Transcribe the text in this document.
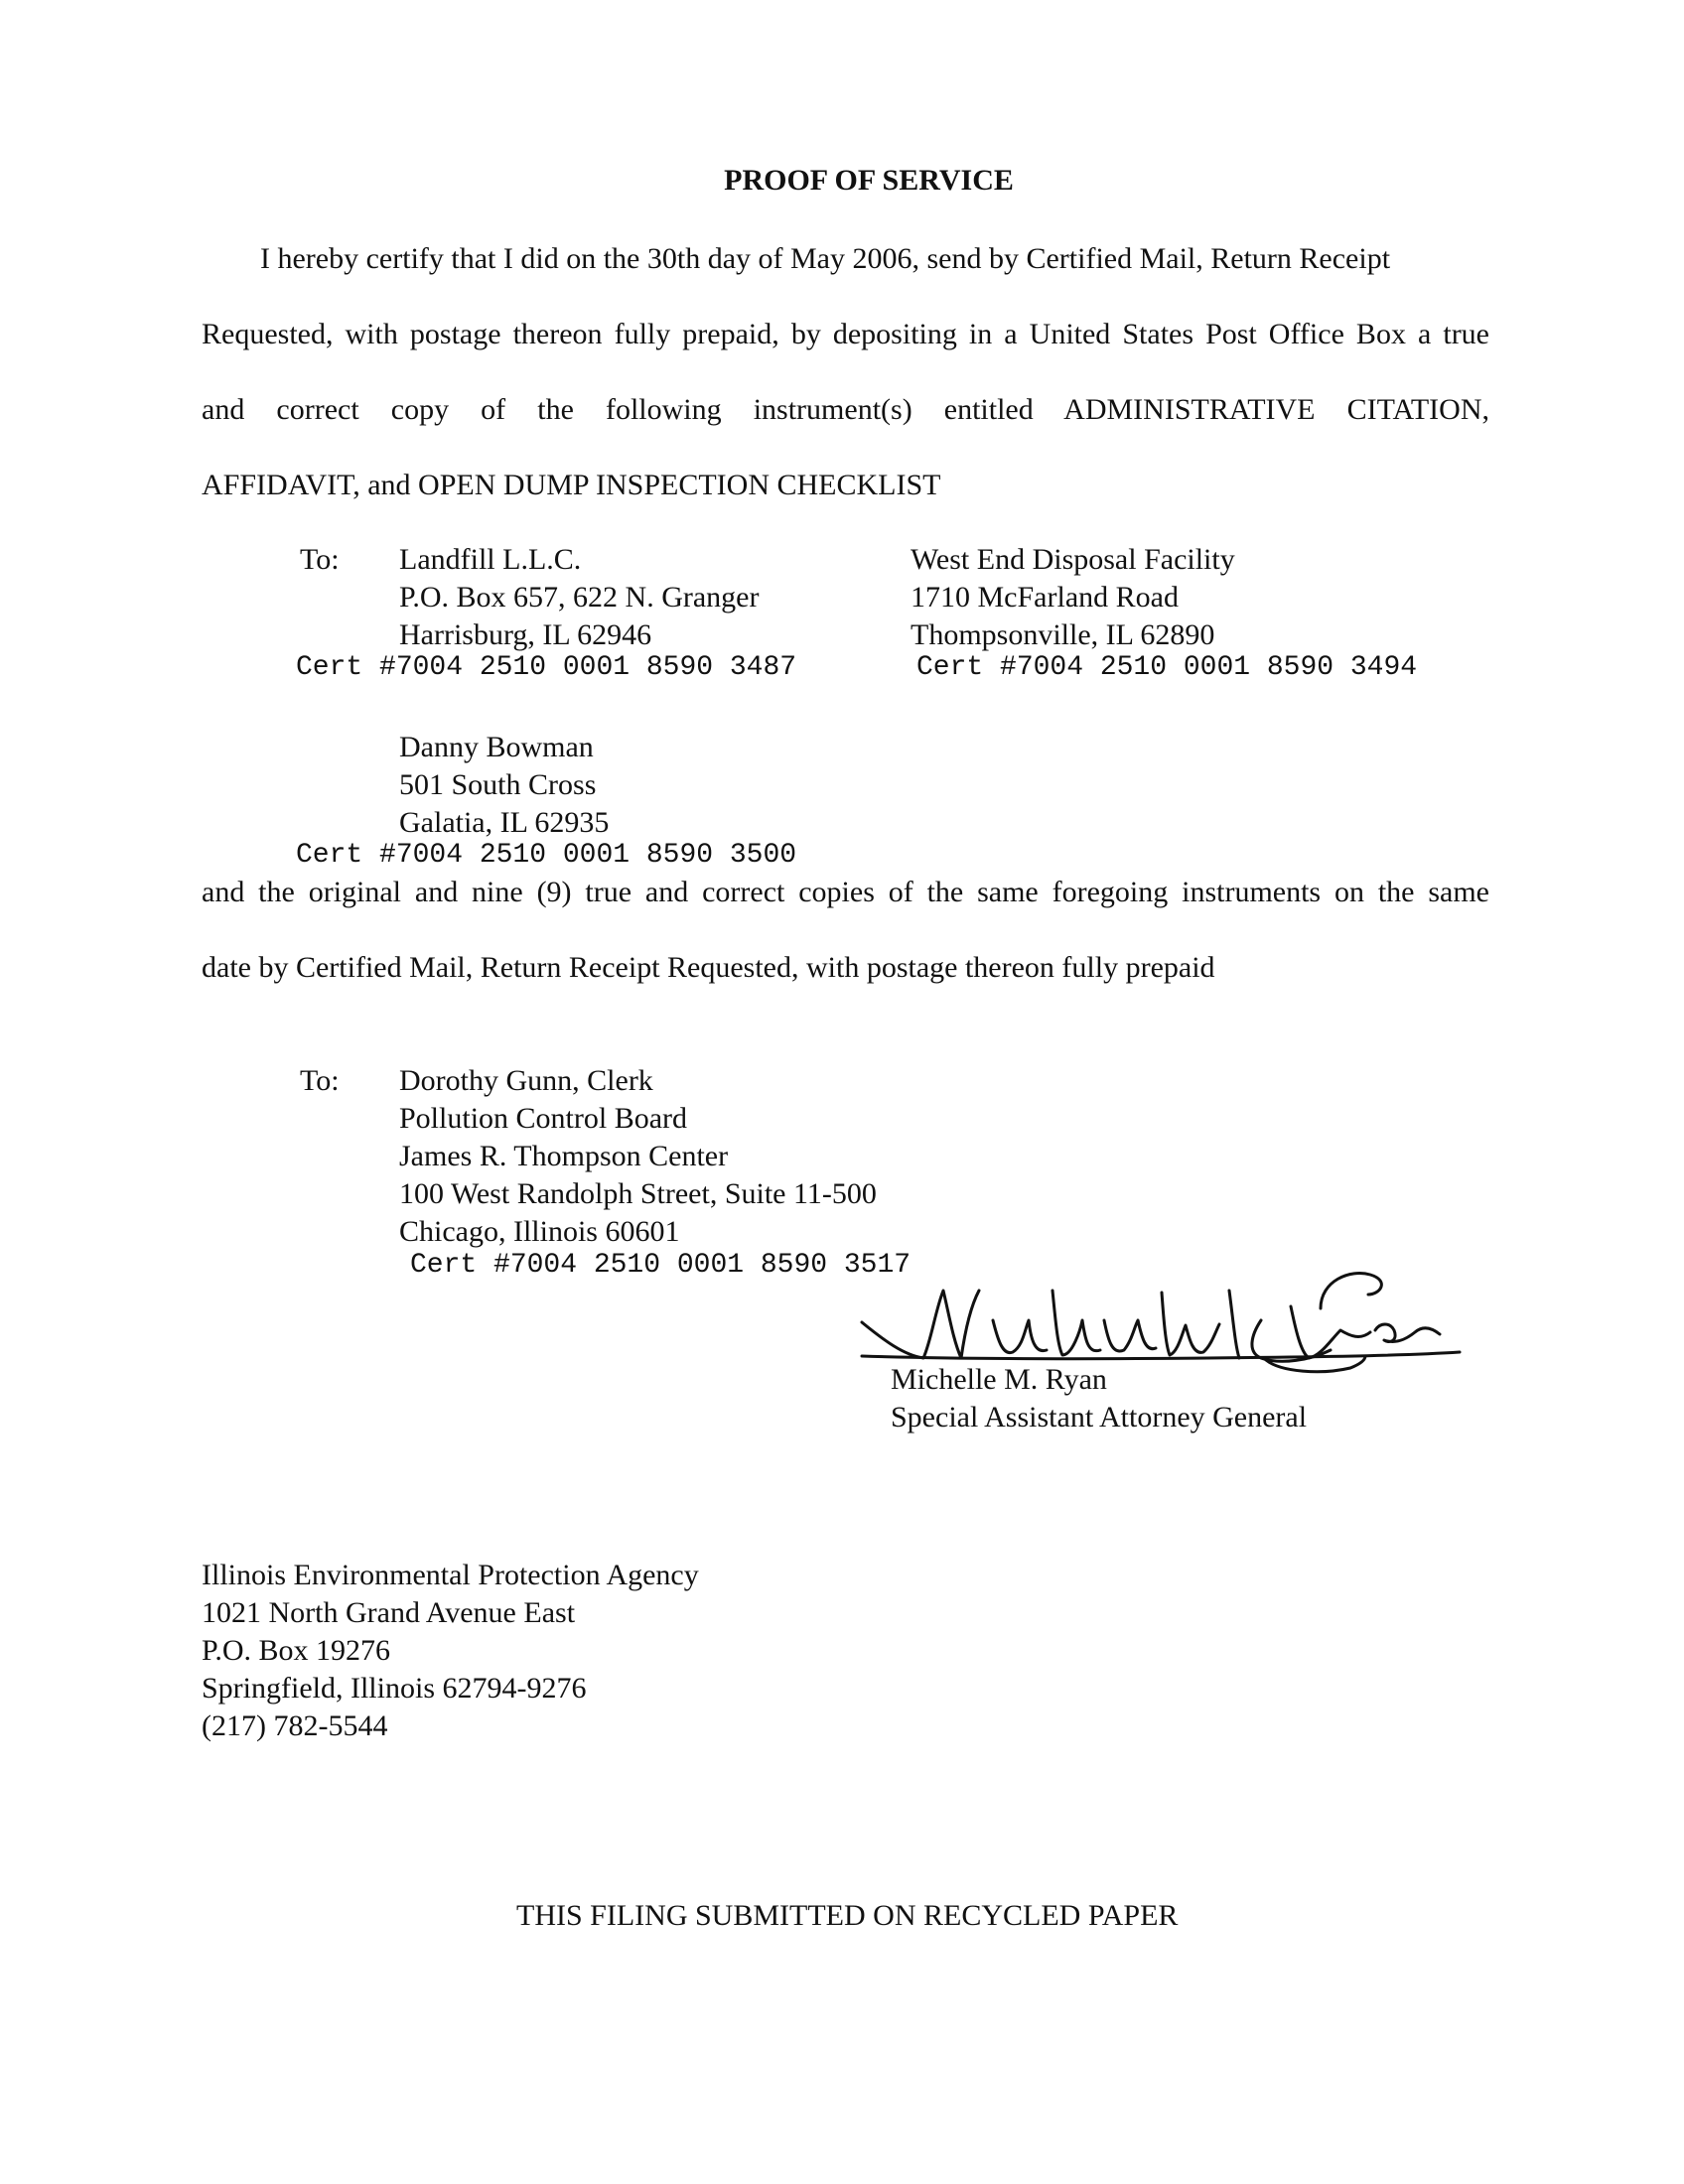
PROOF OF SERVICE
I hereby certify that I did on the 30th day of May 2006, send by Certified Mail, Return Receipt
Requested, with postage thereon fully prepaid, by depositing in a United States Post Office Box a true
and correct copy of the following instrument(s) entitled ADMINISTRATIVE CITATION,
AFFIDAVIT, and OPEN DUMP INSPECTION CHECKLIST
To: Landfill L.L.C.
P.O. Box 657, 622 N. Granger
Harrisburg, IL 62946
Cert #7004 2510 0001 8590 3487
West End Disposal Facility
1710 McFarland Road
Thompsonville, IL 62890
Cert #7004 2510 0001 8590 3494
Danny Bowman
501 South Cross
Galatia, IL 62935
Cert #7004 2510 0001 8590 3500
and the original and nine (9) true and correct copies of the same foregoing instruments on the same
date by Certified Mail, Return Receipt Requested, with postage thereon fully prepaid
To: Dorothy Gunn, Clerk
Pollution Control Board
James R. Thompson Center
100 West Randolph Street, Suite 11-500
Chicago, Illinois 60601
Cert #7004 2510 0001 8590 3517
Michelle M. Ryan
Special Assistant Attorney General
Illinois Environmental Protection Agency
1021 North Grand Avenue East
P.O. Box 19276
Springfield, Illinois 62794-9276
(217) 782-5544
THIS FILING SUBMITTED ON RECYCLED PAPER
